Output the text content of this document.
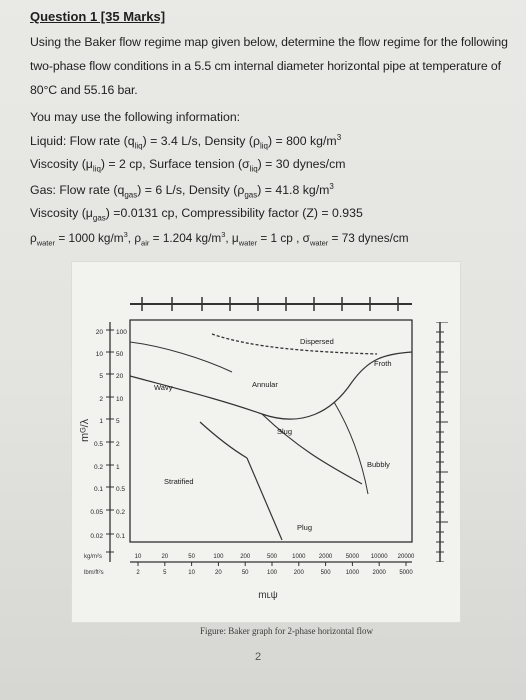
Question 1 [35 Marks]
Using the Baker flow regime map given below, determine the flow regime for the following two-phase flow conditions in a 5.5 cm internal diameter horizontal pipe at temperature of 80°C and 55.16 bar.
You may use the following information:
Liquid: Flow rate $(q_{liq}) = 3.4$ L/s, Density $(\rho_{liq}) = 800$ $kg/m^3$
Viscosity $(\mu_{liq}) = 2$ cp, Surface tension $(\sigma_{liq}) = 30$ dynes/cm
Gas: Flow rate $(q_{gas}) = 6$ L/s, Density $(\rho_{gas}) = 41.8$ $kg/m^3$
Viscosity $(\mu_{gas}) =0.0131$ cp, Compressibility factor (Z) = 0.935
$\rho_{water} = 1000$ $kg/m^3$, $\rho_{air} = 1.204$ $kg/m^3$, $\mu_{water} = 1$ cp , $\sigma_{water} = 73$ dynes/cm
20
10
5
2
1
0.5
0.2
0.1
0.05
0.02
100
50
20
10
5
2
1
0.5
0.2
0.1
mᴳ/λ
10	20	50	100	200	500	1000 2000 5000 10000 20000
2	5	10	20	50	100	200	500	1000 2000 5000
kg/m²s
lbm/ft²s
mʟψ
Dispersed
Froth
Wavy	Annular
Slug
Bubbly
Stratified
Plug
Figure: Baker graph for 2-phase horizontal flow
2
